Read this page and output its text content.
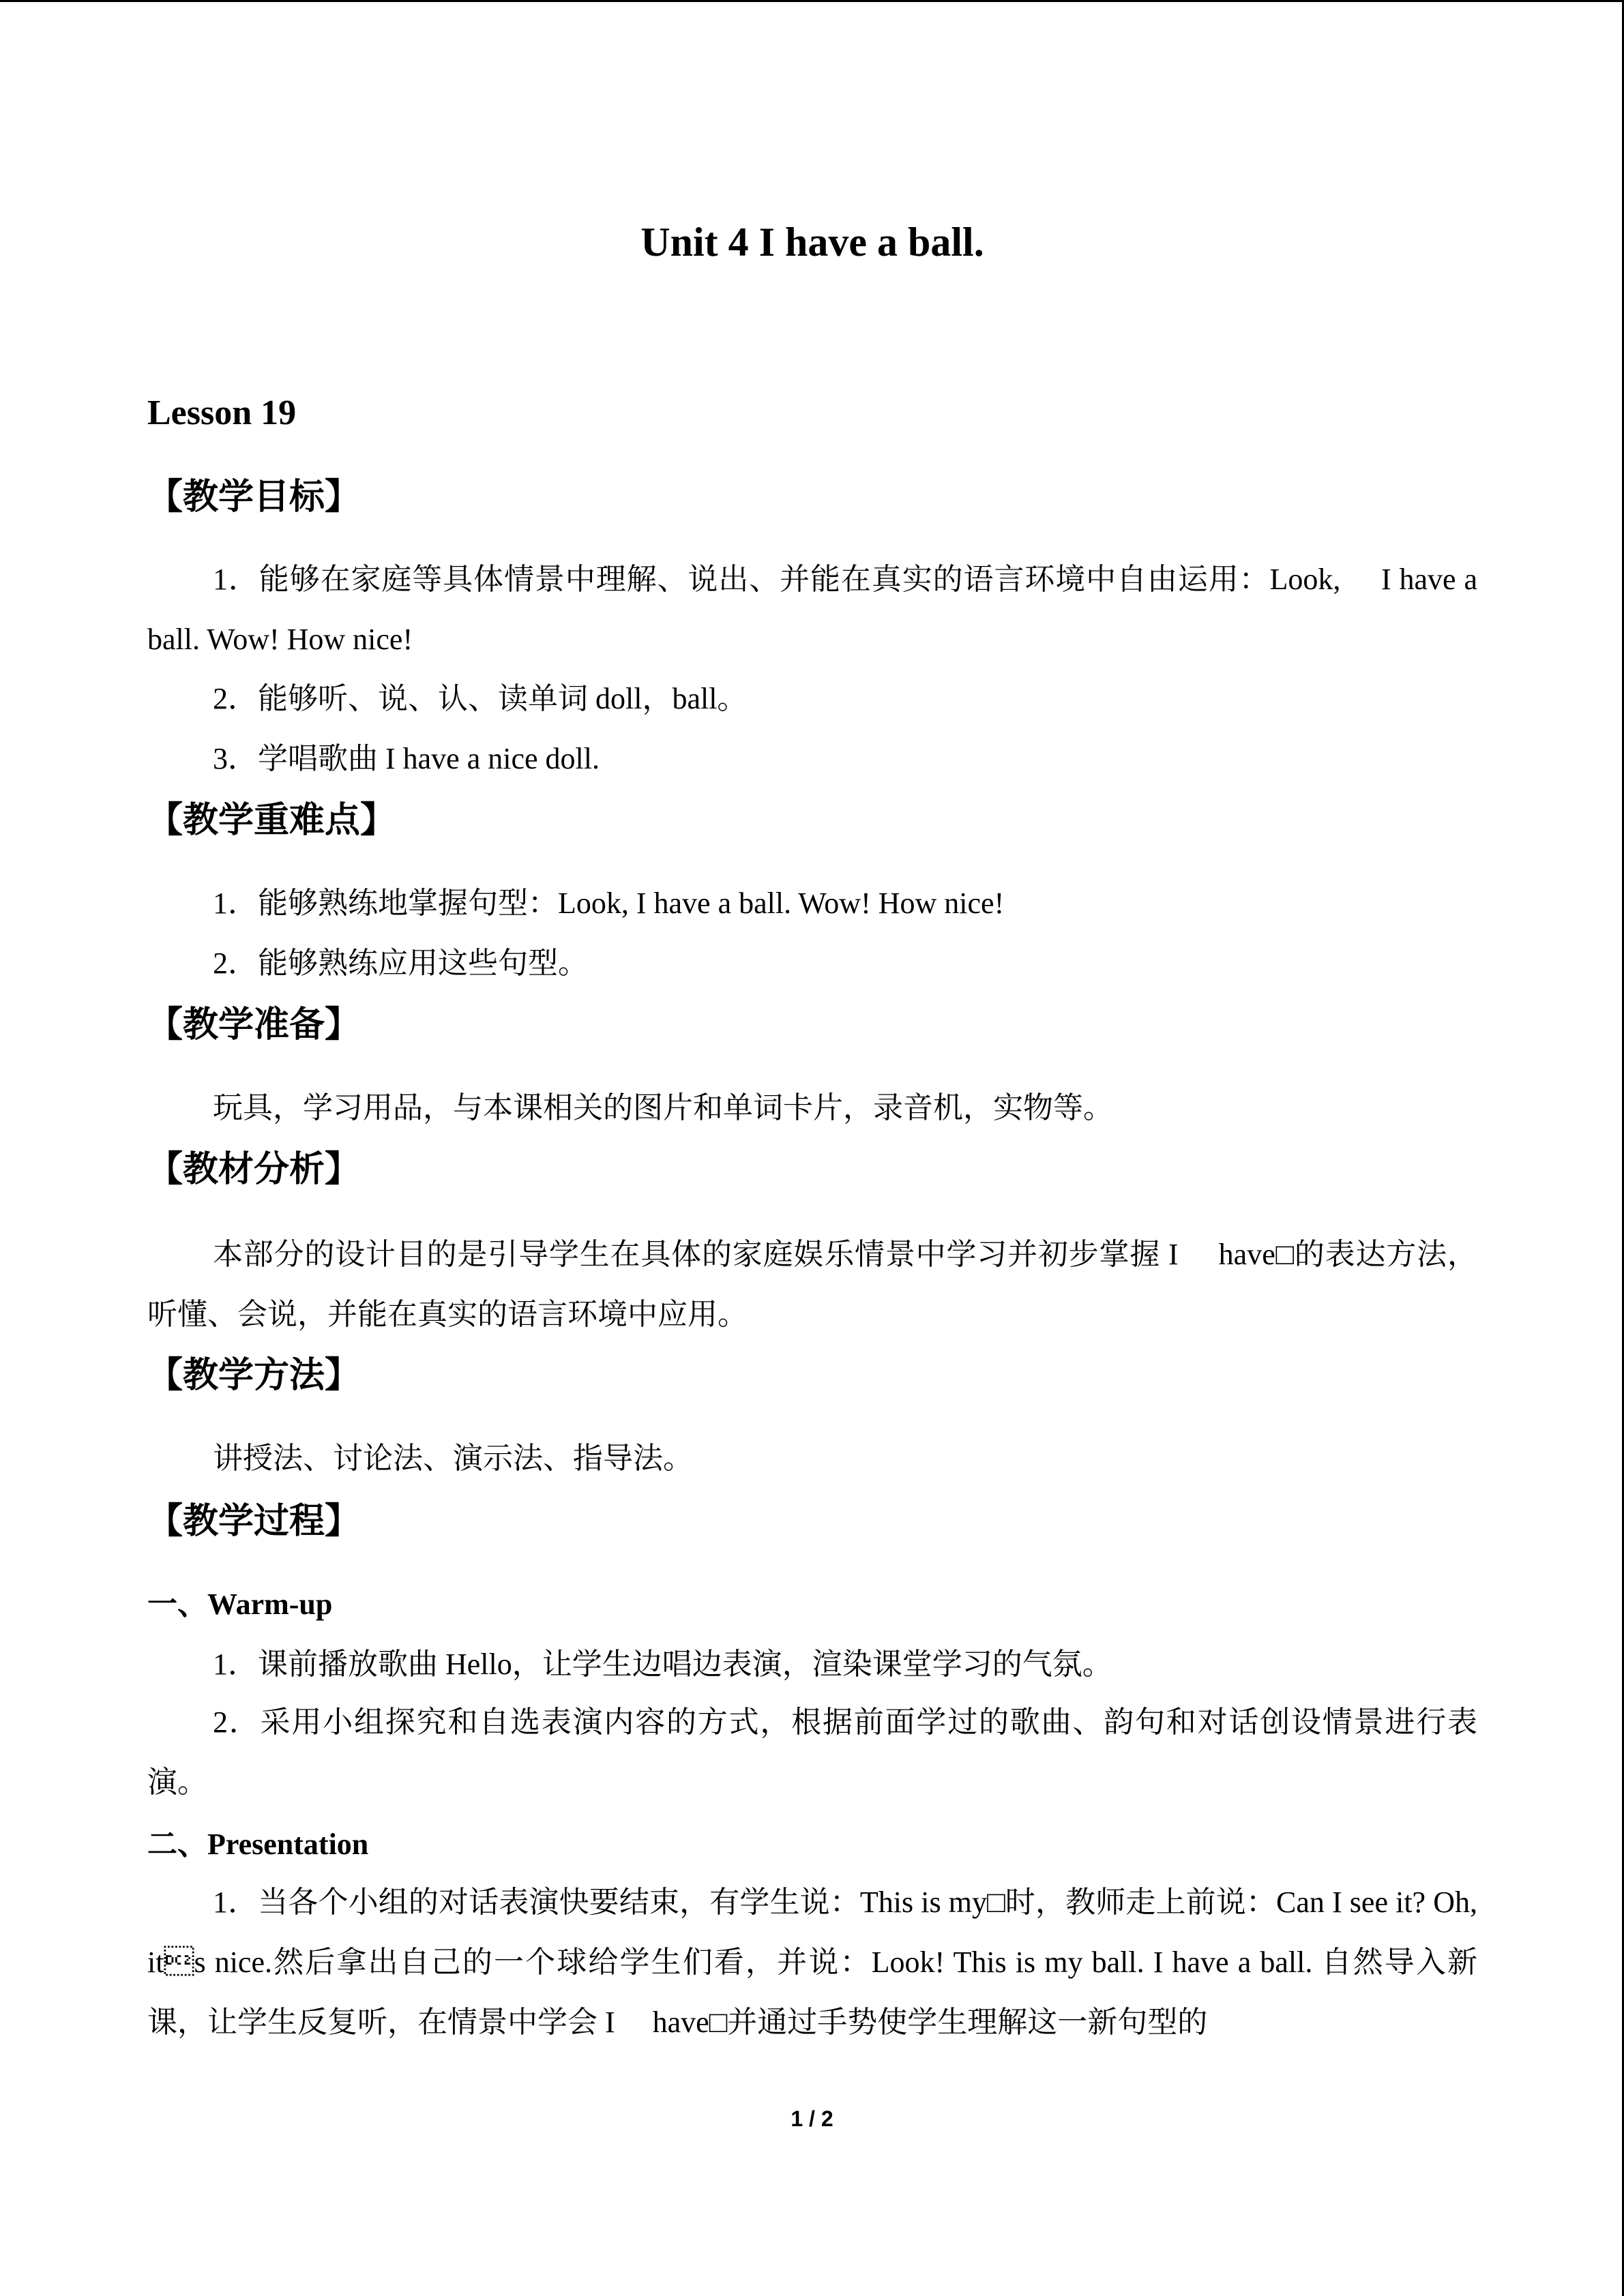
Unit 4 I have a ball.
Lesson 19
【教学目标】
1．能够在家庭等具体情景中理解、说出、并能在真实的语言环境中自由运用：Look,     I have a ball. Wow! How nice!
2．能够听、说、认、读单词 doll，ball。
3．学唱歌曲 I have a nice doll.
【教学重难点】
1．能够熟练地掌握句型：Look, I have a ball. Wow! How nice!
2．能够熟练应用这些句型。
【教学准备】
玩具，学习用品，与本课相关的图片和单词卡片，录音机，实物等。
【教材分析】
本部分的设计目的是引导学生在具体的家庭娱乐情景中学习并初步掌握 I     have□的表达方法，听懂、会说，并能在真实的语言环境中应用。
【教学方法】
讲授法、讨论法、演示法、指导法。
【教学过程】
一、Warm-up
1．课前播放歌曲 Hello，让学生边唱边表演，渲染课堂学习的气氛。
2．采用小组探究和自选表演内容的方式，根据前面学过的歌曲、韵句和对话创设情景进行表演。
二、Presentation
1．当各个小组的对话表演快要结束，有学生说：This is my□时，教师走上前说：Can I see it? Oh, its nice.然后拿出自己的一个球给学生们看，并说：Look! This is my ball. I have a ball. 自然导入新课，让学生反复听，在情景中学会 I     have□并通过手势使学生理解这一新句型的
1 / 2
